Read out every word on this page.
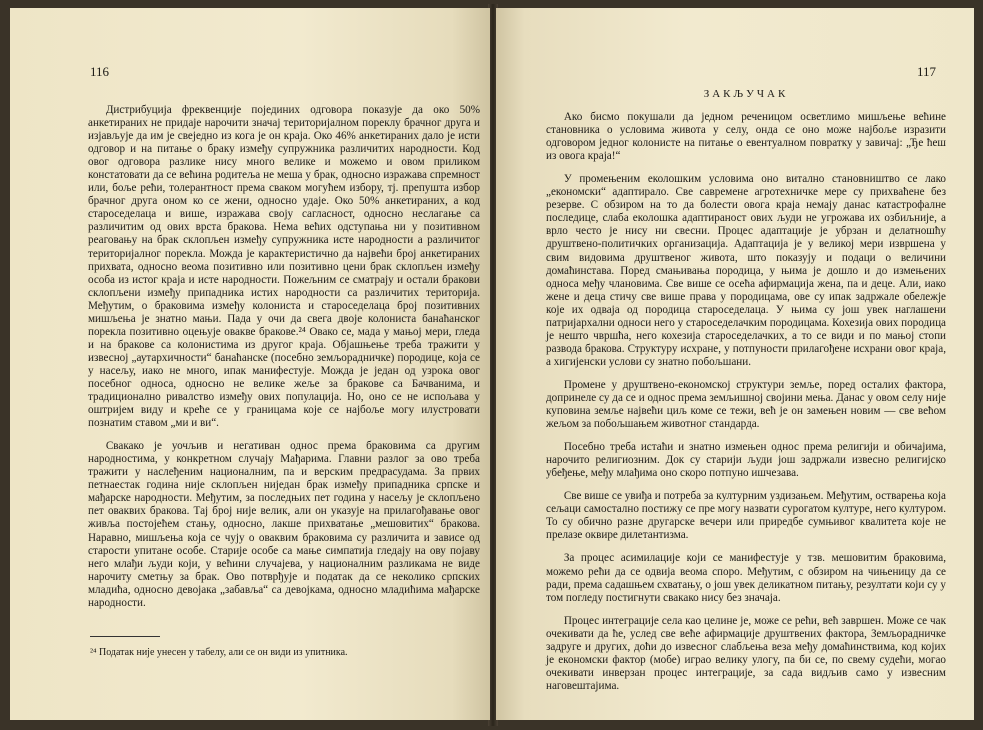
116

Дистрибуција фреквенције појединих одговора показује да око 50% анкетираних не придаје нарочити значај територијалном пореклу брачног друга и изјављује да им је свеједно из кога је он краја. Око 46% анкетираних дало је исти одговор и на питање о браку између супружника различитих народности. Код овог одговора разлике нису много велике и можемо и овом приликом констатовати да се већина родитеља не меша у брак, односно изражава спремност или, боље рећи, толерантност према сваком могућем избору, тј. препушта избор брачног друга оном ко се жени, односно удаје. Око 50% анкетираних, а код староседелаца и више, изражава своју сагласност, односно неслагање са различитим од ових врста бракова. Нема већих одступања ни у позитивном реаговању на брак склопљен између супружника исте народности а различитог територијалног порекла. Можда је карактеристично да највећи број анкетираних прихвата, односно веома позитивно или позитивно цени брак склопљен између особа из истог краја и исте народности. Пожељним се сматрају и остали бракови склопљени између припадника истих народности са различитих територија. Међутим, о браковима између колониста и староседелаца број позитивних мишљења је знатно мањи. Пада у очи да свега двоје колониста банаћанског порекла позитивно оцењује овакве бракове.²⁴ Овако се, мада у мањој мери, гледа и на бракове са колонистима из другог краја. Објашњење треба тражити у извесној „аутархичности“ банаћанске (посебно земљорадничке) породице, која се у насељу, иако не много, ипак манифестује. Можда је један од узрока овог посебног односа, односно не велике жеље за браковe са Бачванима, и традиционално ривалство између ових популација. Но, оно се не испољава у оштријем виду и креће се у границама које се најбоље могу илустровати познатим ставом „ми и ви“.

Свакако је уочљив и негативан однос према браковима са другим народностима, у конкретном случају Мађарима. Главни разлог за ово треба тражити у наслеђеним националним, па и верским предрасудама. За првих петнаестак година није склопљен ниједан брак између припадника српске и мађарске народности. Међутим, за последњих пет година у насељу је склопљено пет оваквих бракова. Тај број није велик, али он указује на прилагођавање овог живља постојећем стању, односно, лакше прихватање „мешовитих“ бракова. Наравно, мишљења која се чују о оваквим браковима су различита и зависе од старости упитане особе. Старије особе са мање симпатија гледају на ову појаву него млађи људи који, у већини случајева, у националним разликама не виде нарочиту сметњу за брак. Ово потврђује и податак да се неколико српских младића, односно девојака „забавља“ са девојкама, односно младићима мађарске народности.

²⁴ Податак није унесен у табелу, али се он види из упитника.
117

ЗАКЉУЧАК

Ако бисмо покушали да једном реченицом осветлимо мишљење већине становника о условима живота у селу, онда се оно може најбоље изразити одговором једног колонисте на питање о евентуалном повратку у завичај: „Ђе ћеш из овога краја!“

У промењеним еколошким условима оно витално становништво се лако „економски“ адаптирало. Све савремене агротехничке мере су прихваћене без резерве. С обзиром на то да болести овога краја немају данас катастрофалне последице, слаба еколошка адаптираност ових људи не угрожава их озбиљније, а врло често је нису ни свесни. Процес адаптације је убрзан и делатношћу друштвено-политичких организација. Адаптација је у великој мери извршена у свим видовима друштвеног живота, што показују и подаци о величини домаћинстава. Поред смањивања породица, у њима је дошло и до измењених односа међу члановима. Све више се осећа афирмација жена, па и деце. Али, иако жене и деца стичу све више права у породицама, ове су ипак задржале обележје које их одваја од породица староседелаца. У њима су још увек наглашени патријархални односи него у староседелачким породицама. Кохезија ових породица је нешто чвршћа, него кохезија староседелачких, а то се види и по мањој стопи развода бракова. Структуру исхране, у потпуности прилагођене исхрани овог краја, а хигијенски услови су знатно побољшани.

Промене у друштвено-економској структури земље, поред осталих фактора, допринеле су да се и однос према земљишној својини мења. Данас у овом селу није куповина земље највећи циљ коме се тежи, већ је он замењен новим — све већом жељом за побољшањем животног стандарда.

Посебно треба истаћи и знатно измењен однос према религији и обичајима, нарочито религиозним. Док су старији људи још задржали извесно религијско убеђење, међу млађима оно скоро потпуно ишчезава.

Све више се увиђа и потреба за културним уздизањем. Међутим, остварења која сељаци самостално постижу се пре могу назвати сурогатом културе, него културом. То су обично разне другарске вечери или приредбе сумњивог квалитета које не прелазе оквире дилетантизма.

За процес асимилације који се манифестује у тзв. мешовитим браковима, можемо рећи да се одвија веома споро. Међутим, с обзиром на чињеницу да се ради, према садашњем схватању, о још увек деликатном питању, резултати који су у том погледу постигнути свакако нису без значаја.

Процес интеграције села као целине је, може се рећи, већ завршен. Може се чак очекивати да ће, услед све веће афирмације друштвених фактора, Земљорадничке задруге и других, доћи до извесног слабљења веза међу домаћинствима, код којих је економски фактор (мобе) играо велику улогу, па би се, по свему судећи, могао очекивати инверзан процес интеграције, за сада видљив само у извесним наговештајима.
